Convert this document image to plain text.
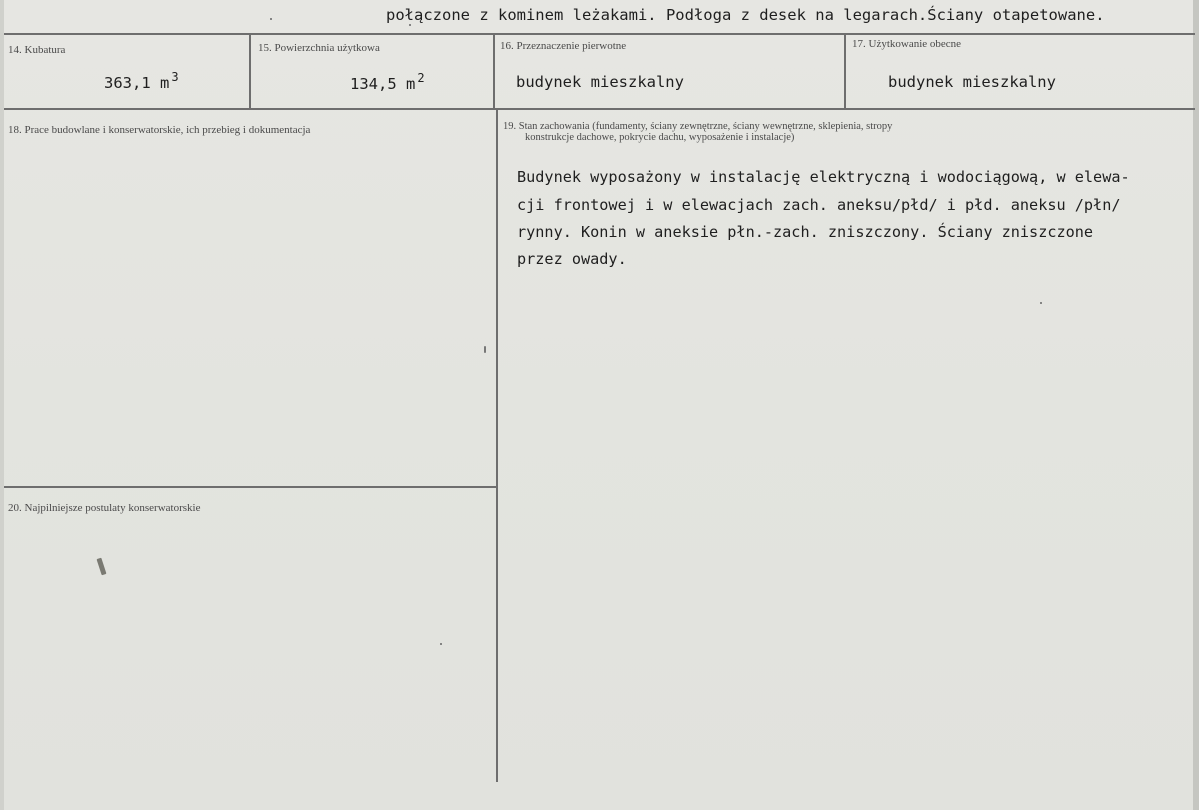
połączone z kominem leżakami. Podłoga z desek na legarach.Ściany otapetowane.
14. Kubatura
363,1 m $^3$
15. Powierzchnia użytkowa
134,5 m $^2$
16. Przeznaczenie pierwotne
budynek mieszkalny
17. Użytkowanie obecne
budynek mieszkalny
18. Prace budowlane i konserwatorskie, ich przebieg i dokumentacja	19. Stan zachowania (fundamenty, ściany zewnętrzne, ściany wewnętrzne, sklepienia, stropy
konstrukcje dachowe, pokrycie dachu, wyposażenie i instalacje)
Budynek wyposażony w instalację elektryczną i wodociągową, w elewa-
cji frontowej i w elewacjach zach. aneksu/płd/ i płd. aneksu /płn/
rynny. Konin w aneksie płn.-zach. zniszczony. Ściany zniszczone
przez owady.
20. Najpilniejsze postulaty konserwatorskie
